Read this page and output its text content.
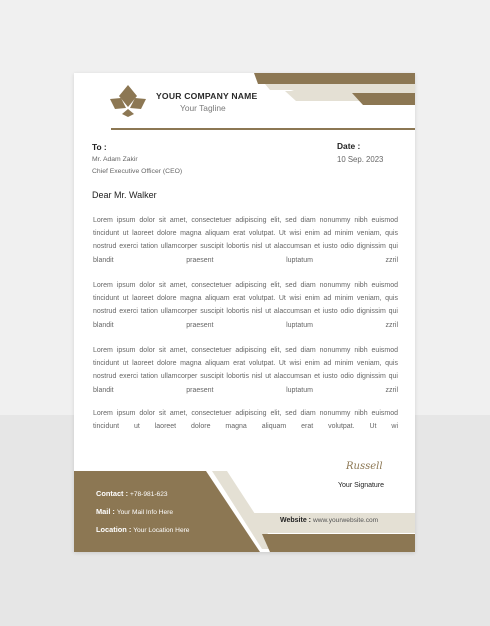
YOUR COMPANY NAME
Your Tagline
To :
Mr. Adam Zakir
Chief Executive Officer (CEO)
Date :
10 Sep. 2023
Dear Mr. Walker

Lorem ipsum dolor sit amet, consectetuer adipiscing elit, sed diam nonummy nibh euismod tincidunt ut laoreet dolore magna aliquam erat volutpat. Ut wisi enim ad minim veniam, quis nostrud exerci tation ullamcorper suscipit lobortis nisl ut alaccumsan et iusto odio dignissim qui blandit praesent luptatum zzril

Lorem ipsum dolor sit amet, consectetuer adipiscing elit, sed diam nonummy nibh euismod tincidunt ut laoreet dolore magna aliquam erat volutpat. Ut wisi enim ad minim veniam, quis nostrud exerci tation ullamcorper suscipit lobortis nisl ut alaccumsan et iusto odio dignissim qui blandit praesent luptatum zzril

Lorem ipsum dolor sit amet, consectetuer adipiscing elit, sed diam nonummy nibh euismod tincidunt ut laoreet dolore magna aliquam erat volutpat. Ut wisi enim ad minim veniam, quis nostrud exerci tation ullamcorper suscipit lobortis nisl ut alaccumsan et iusto odio dignissim qui blandit praesent luptatum zzril

Lorem ipsum dolor sit amet, consectetuer adipiscing elit, sed diam nonummy nibh euismod tincidunt ut laoreet dolore magna aliquam erat volutpat. Ut wi

Russell
Your Signature
Contact : +78-981-623
Mail : Your Mail Info Here
Location : Your Location Here
Website : www.yourwebsite.com
